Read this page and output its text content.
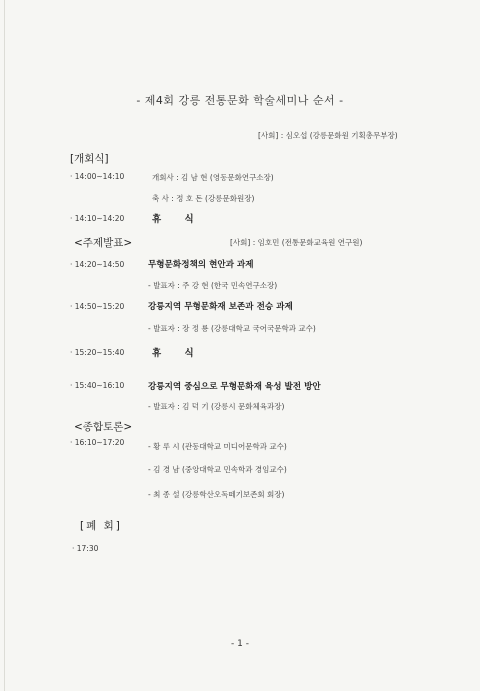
- 제4회 강릉 전통문화 학술세미나 순서 -
[사회] : 심오섭 (강릉문화원 기획총무부장)
[개회식]
· 14:00~14:10	개회사 : 김 남 현 (영동문화연구소장)
축 사 : 정 호 돈 (강릉문화원장)
· 14:10~14:20	휴 식
<주제발표>	[사회] : 임호민 (전통문화교육원 연구원)
· 14:20~14:50	무형문화정책의 현안과 과제
- 발표자 : 주 강 현 (한국 민속연구소장)
· 14:50~15:20	강릉지역 무형문화재 보존과 전승 과제
- 발표자 : 장 정 룡 (강릉대학교 국어국문학과 교수)
· 15:20~15:40	휴 식
· 15:40~16:10	강릉지역 중심으로 무형문화재 육성 발전 방안
- 발표자 : 김 덕 기 (강릉시 문화체육과장)
<종합토론>
· 16:10~17:20	- 황 루 시 (관동대학교 미디어문학과 교수)
- 김 경 남 (중앙대학교 민속학과 경임교수)
- 최 종 설 (강릉학산오독떼기보존회 회장)
[폐 회]
· 17:30
- 1 -
